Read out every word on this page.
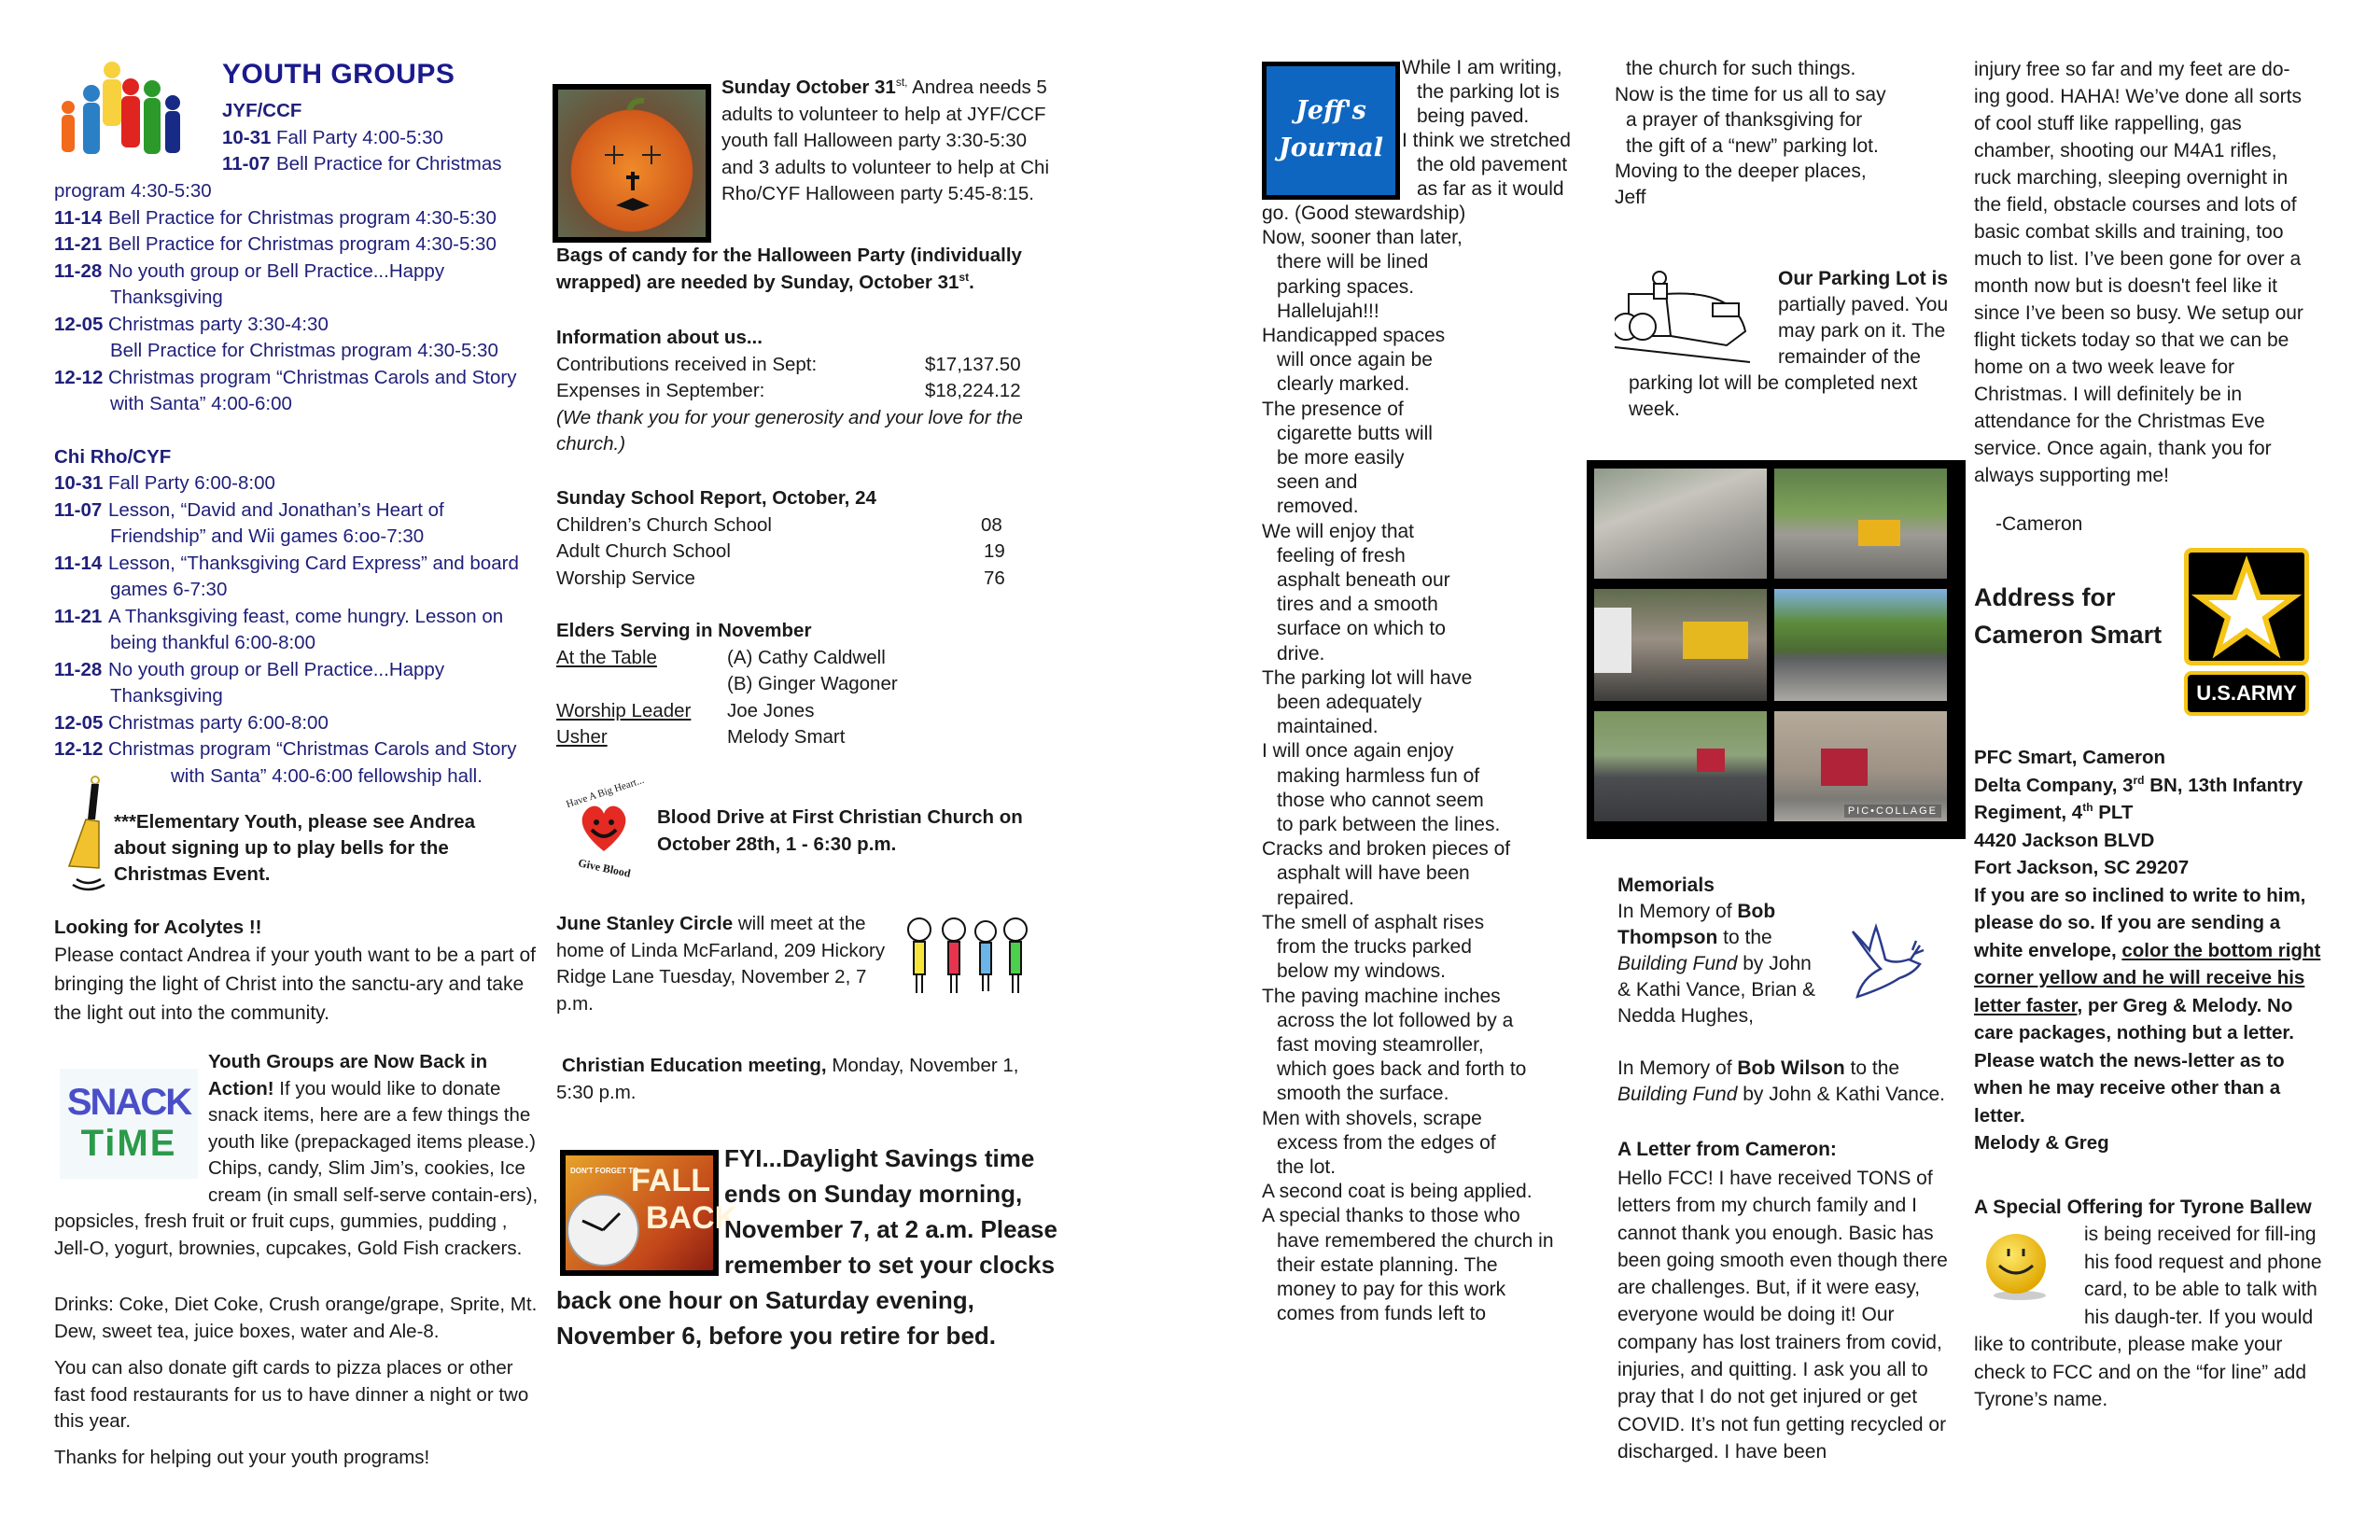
YOUTH GROUPS
JYF/CCF
10-31 Fall Party 4:00-5:30
11-07 Bell Practice for Christmas
program 4:30-5:30
11-14 Bell Practice for Christmas program 4:30-5:30
11-21 Bell Practice for Christmas program 4:30-5:30
11-28 No youth group or Bell Practice...Happy
Thanksgiving
12-05 Christmas party 3:30-4:30
Bell Practice for Christmas program 4:30-5:30
12-12 Christmas program “Christmas Carols and Story
with Santa” 4:00-6:00
Chi Rho/CYF
10-31 Fall Party 6:00-8:00
11-07 Lesson, “David and Jonathan’s Heart of
Friendship” and Wii games 6:oo-7:30
11-14 Lesson, “Thanksgiving Card Express” and board
games 6-7:30
11-21 A Thanksgiving feast, come hungry. Lesson on
being thankful 6:00-8:00
11-28 No youth group or Bell Practice...Happy
Thanksgiving
12-05 Christmas party 6:00-8:00
12-12 Christmas program “Christmas Carols and Story
with Santa” 4:00-6:00 fellowship hall.
***Elementary Youth, please see Andrea about signing up to play bells for the Christmas Event.
Looking for Acolytes !!
Please contact Andrea if your youth want to be a part of bringing the light of Christ into the sanctu-ary and take the light out into the community.
SNACK
TiME
Youth Groups are Now Back in Action! If you would like to donate snack items, here are a few things the youth like (prepackaged items please.) Chips, candy, Slim Jim’s, cookies, Ice cream (in small self-serve contain-ers), popsicles, fresh fruit or fruit cups, gummies, pudding , Jell-O, yogurt, brownies, cupcakes, Gold Fish crackers.
Drinks: Coke, Diet Coke, Crush orange/grape, Sprite, Mt. Dew, sweet tea, juice boxes, water and Ale-8.
You can also donate gift cards to pizza places or other fast food restaurants for us to have dinner a night or two this year.
Thanks for helping out your youth programs!
Sunday October $31^{st,}$ Andrea needs 5 adults to volunteer to help at JYF/CCF youth fall Halloween party 3:30-5:30 and 3 adults to volunteer to help at Chi Rho/CYF Halloween party 5:45-8:15.
Bags of candy for the Halloween Party (individually wrapped) are needed by Sunday, October 31st.
Information about us...
Contributions received in Sept:	$17,137.50
Expenses in September:	$18,224.12
(We thank you for your generosity and your love for the church.)
Sunday School Report, October, 24
Children’s Church School	08
Adult Church School	19
Worship Service	76
Elders Serving in November
At the Table	(A) Cathy Caldwell
(B) Ginger Wagoner
Worship Leader Joe Jones
Usher	Melody Smart
Have A Big Heart...
Give Blood
Blood Drive at First Christian Church on October 28th, 1 - 6:30 p.m.
June Stanley Circle will meet at the home of Linda McFarland, 209 Hickory Ridge Lane Tuesday, November 2, 7 p.m.
Christian Education meeting, Monday, November 1, 5:30 p.m.
DON'T FORGET TO
FALL
BACK
FYI...Daylight Savings time ends on Sunday morning, November 7, at 2 a.m. Please remember to set your clocks back one hour on Saturday evening, November 6, before you retire for bed.
Jeff's
Journal
While I am writing,
the parking lot is
being paved.
I think we stretched
the old pavement
as far as it would
go. (Good stewardship)
Now, sooner than later, there will be lined parking spaces. Hallelujah!!!
Handicapped spaces will once again be clearly marked.
The presence of cigarette butts will be more easily seen and removed.
We will enjoy that feeling of fresh asphalt beneath our tires and a smooth surface on which to drive.
The parking lot will have been adequately maintained.
I will once again enjoy making harmless fun of those who cannot seem to park between the lines.
Cracks and broken pieces of asphalt will have been repaired.
The smell of asphalt rises from the trucks parked below my windows.
The paving machine inches across the lot followed by a fast moving steamroller, which goes back and forth to smooth the surface.
Men with shovels, scrape excess from the edges of the lot.
A second coat is being applied.
A special thanks to those who have remembered the church in their estate planning. The money to pay for this work comes from funds left to
the church for such things.
Now is the time for us all to say a prayer of thanksgiving for the gift of a “new” parking lot.
Moving to the deeper places,
Jeff
Our Parking Lot is partially paved. You may park on it. The remainder of the parking lot will be completed next week.
PIC•COLLAGE
Memorials
In Memory of Bob Thompson to the Building Fund by John & Kathi Vance, Brian & Nedda Hughes,
In Memory of Bob Wilson to the Building Fund by John & Kathi Vance.
A Letter from Cameron:
Hello FCC! I have received TONS of letters from my church family and I cannot thank you enough. Basic has been going smooth even though there are challenges. But, if it were easy, everyone would be doing it! Our company has lost trainers from covid, injuries, and quitting. I ask you all to pray that I do not get injured or get COVID. It’s not fun getting recycled or discharged. I have been
injury free so far and my feet are do-ing good. HAHA! We’ve done all sorts of cool stuff like rappelling, gas chamber, shooting our M4A1 rifles, ruck marching, sleeping overnight in the field, obstacle courses and lots of basic combat skills and training, too much to list. I’ve been gone for over a month now but is doesn't feel like it since I’ve been so busy. We setup our flight tickets today so that we can be home on a two week leave for Christmas. I will definitely be in attendance for the Christmas Eve service. Once again, thank you for always supporting me!
-Cameron
Address for
Cameron Smart
U.S.ARMY
PFC Smart, Cameron
Delta Company, 3rd BN, 13th Infantry
Regiment, 4th PLT
4420 Jackson BLVD
Fort Jackson, SC 29207
If you are so inclined to write to him, please do so. If you are sending a white envelope, color the bottom right corner yellow and he will receive his letter faster, per Greg & Melody. No care packages, nothing but a letter. Please watch the news-letter as to when he may receive other than a letter.
Melody & Greg
A Special Offering for Tyrone Ballew
is being received for fill-ing his food request and phone card, to be able to talk with his daugh-ter. If you would like to contribute, please make your check to FCC and on the “for line” add Tyrone’s name.
